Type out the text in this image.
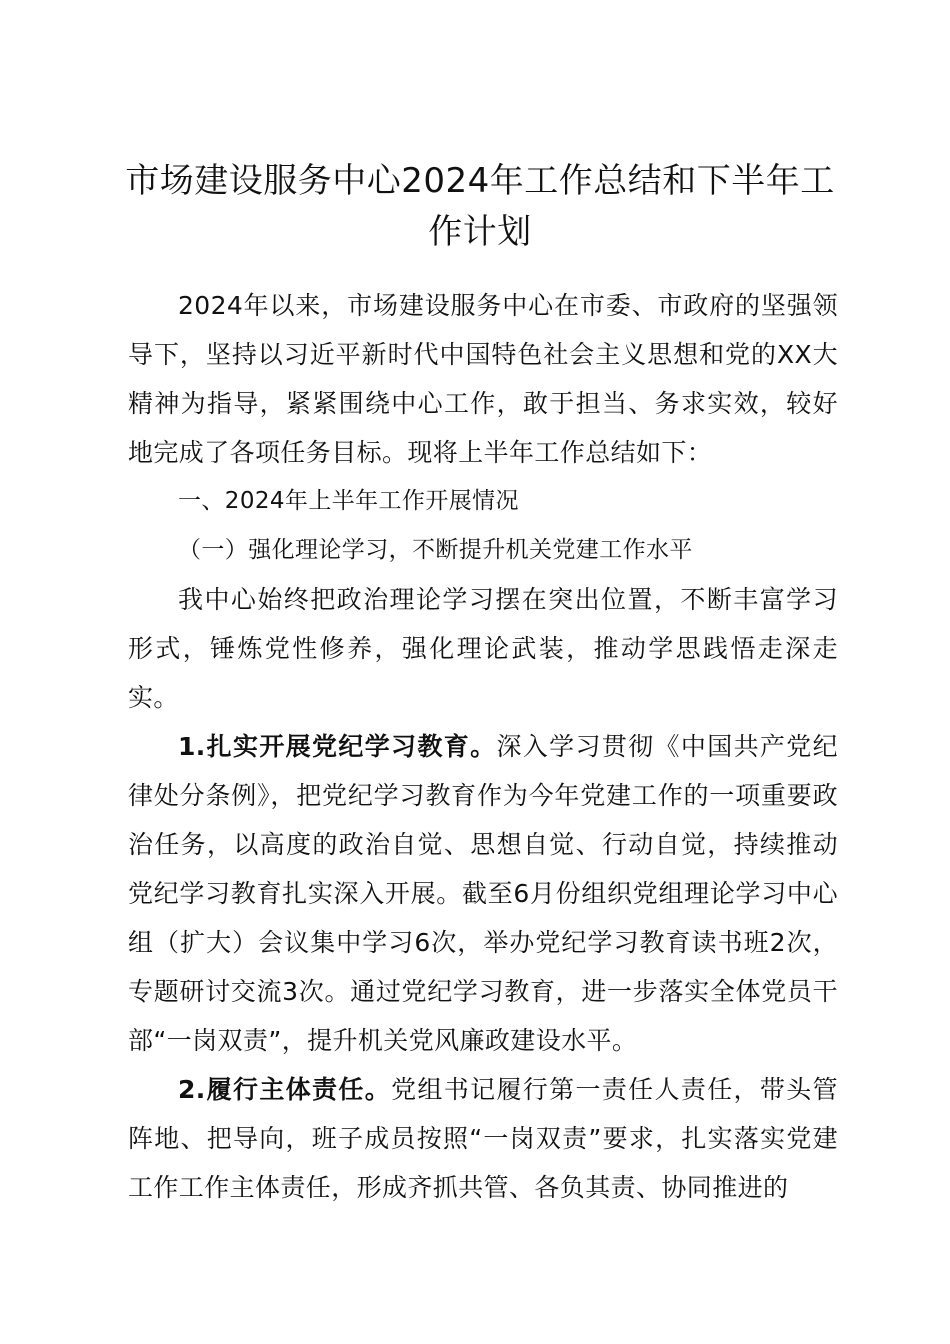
市场建设服务中心2024年工作总结和下半年工作计划

2024年以来，市场建设服务中心在市委、市政府的坚强领导下，坚持以习近平新时代中国特色社会主义思想和党的XX大精神为指导，紧紧围绕中心工作，敢于担当、务求实效，较好地完成了各项任务目标。现将上半年工作总结如下：

一、2024年上半年工作开展情况

（一）强化理论学习，不断提升机关党建工作水平

我中心始终把政治理论学习摆在突出位置，不断丰富学习形式，锤炼党性修养，强化理论武装，推动学思践悟走深走实。

1.扎实开展党纪学习教育。深入学习贯彻《中国共产党纪律处分条例》，把党纪学习教育作为今年党建工作的一项重要政治任务，以高度的政治自觉、思想自觉、行动自觉，持续推动党纪学习教育扎实深入开展。截至6月份组织党组理论学习中心组（扩大）会议集中学习6次，举办党纪学习教育读书班2次，专题研讨交流3次。通过党纪学习教育，进一步落实全体党员干部“一岗双责”，提升机关党风廉政建设水平。

2.履行主体责任。党组书记履行第一责任人责任，带头管阵地、把导向，班子成员按照“一岗双责”要求，扎实落实党建工作工作主体责任，形成齐抓共管、各负其责、协同推进的
